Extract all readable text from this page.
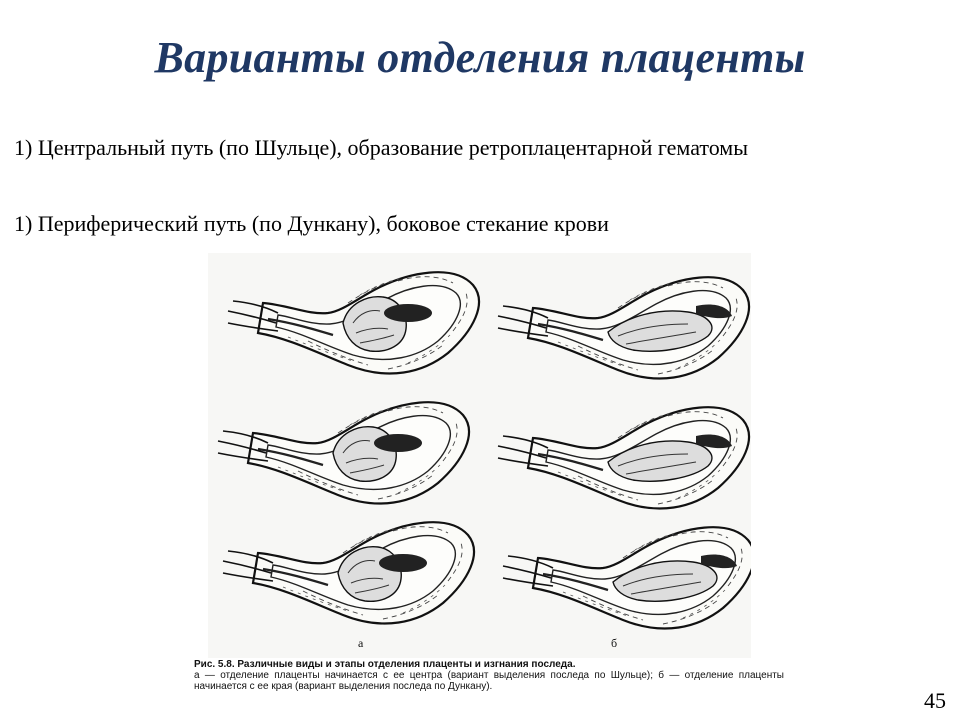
Варианты отделения плаценты
1) Центральный путь (по Шульце), образование ретроплацентарной гематомы
1) Периферический путь (по Дункану), боковое стекание крови
а	б
Рис. 5.8. Различные виды и этапы отделения плаценты и изгнания последа.
а — отделение плаценты начинается с ее центра (вариант выделения последа по Шульце); б — отделение плаценты начинается с ее края (вариант выделения последа по Дункану).
45
